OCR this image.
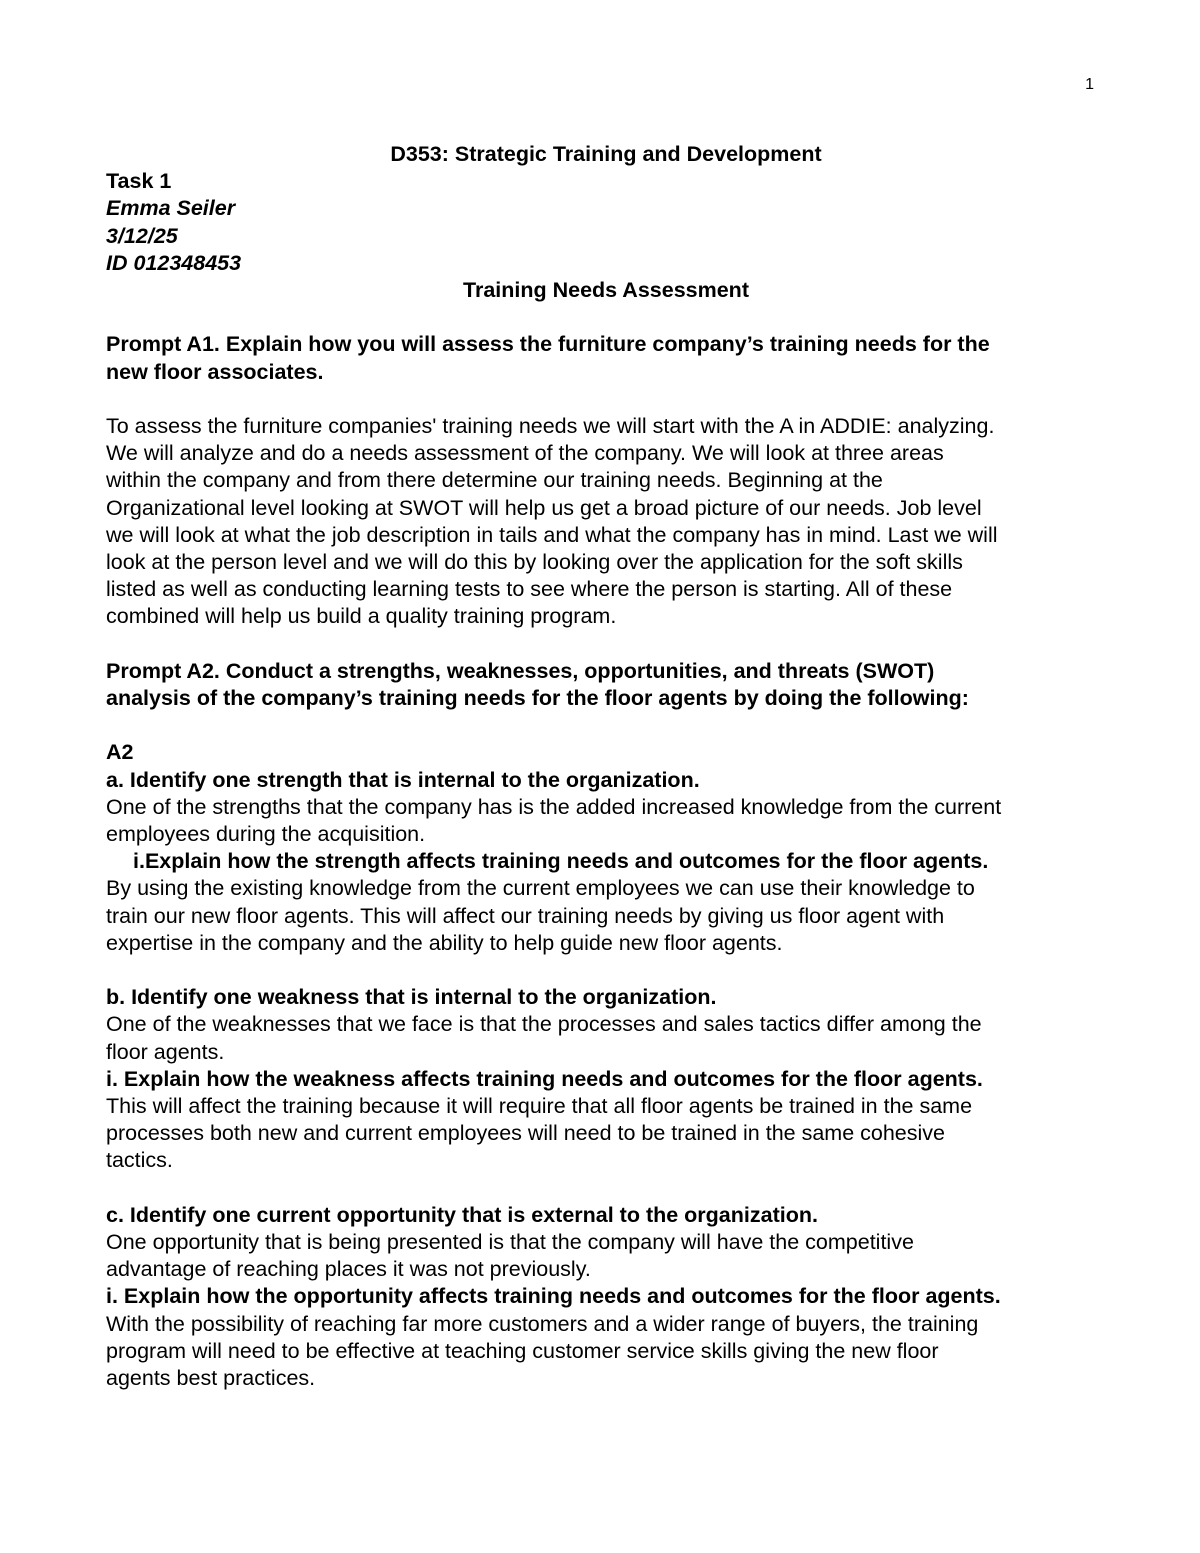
1

D353: Strategic Training and Development

Task 1

Emma Seiler

3/12/25

ID 012348453

Training Needs Assessment

Prompt A1. Explain how you will assess the furniture company’s training needs for the

new floor associates.

To assess the furniture companies' training needs we will start with the A in ADDIE: analyzing.

We will analyze and do a needs assessment of the company. We will look at three areas

within the company and from there determine our training needs. Beginning at the

Organizational level looking at SWOT will help us get a broad picture of our needs. Job level

we will look at what the job description in tails and what the company has in mind. Last we will

look at the person level and we will do this by looking over the application for the soft skills

listed as well as conducting learning tests to see where the person is starting. All of these

combined will help us build a quality training program.

Prompt A2. Conduct a strengths, weaknesses, opportunities, and threats (SWOT)

analysis of the company’s training needs for the floor agents by doing the following:

A2

a. Identify one strength that is internal to the organization.

One of the strengths that the company has is the added increased knowledge from the current

employees during the acquisition.

i.Explain how the strength affects training needs and outcomes for the floor agents.

By using the existing knowledge from the current employees we can use their knowledge to

train our new floor agents. This will affect our training needs by giving us floor agent with

expertise in the company and the ability to help guide new floor agents.

b. Identify one weakness that is internal to the organization.

One of the weaknesses that we face is that the processes and sales tactics differ among the

floor agents.

i. Explain how the weakness affects training needs and outcomes for the floor agents.

This will affect the training because it will require that all floor agents be trained in the same

processes both new and current employees will need to be trained in the same cohesive

tactics.

c. Identify one current opportunity that is external to the organization.

One opportunity that is being presented is that the company will have the competitive

advantage of reaching places it was not previously.

i. Explain how the opportunity affects training needs and outcomes for the floor agents.

With the possibility of reaching far more customers and a wider range of buyers, the training

program will need to be effective at teaching customer service skills giving the new floor

agents best practices.
